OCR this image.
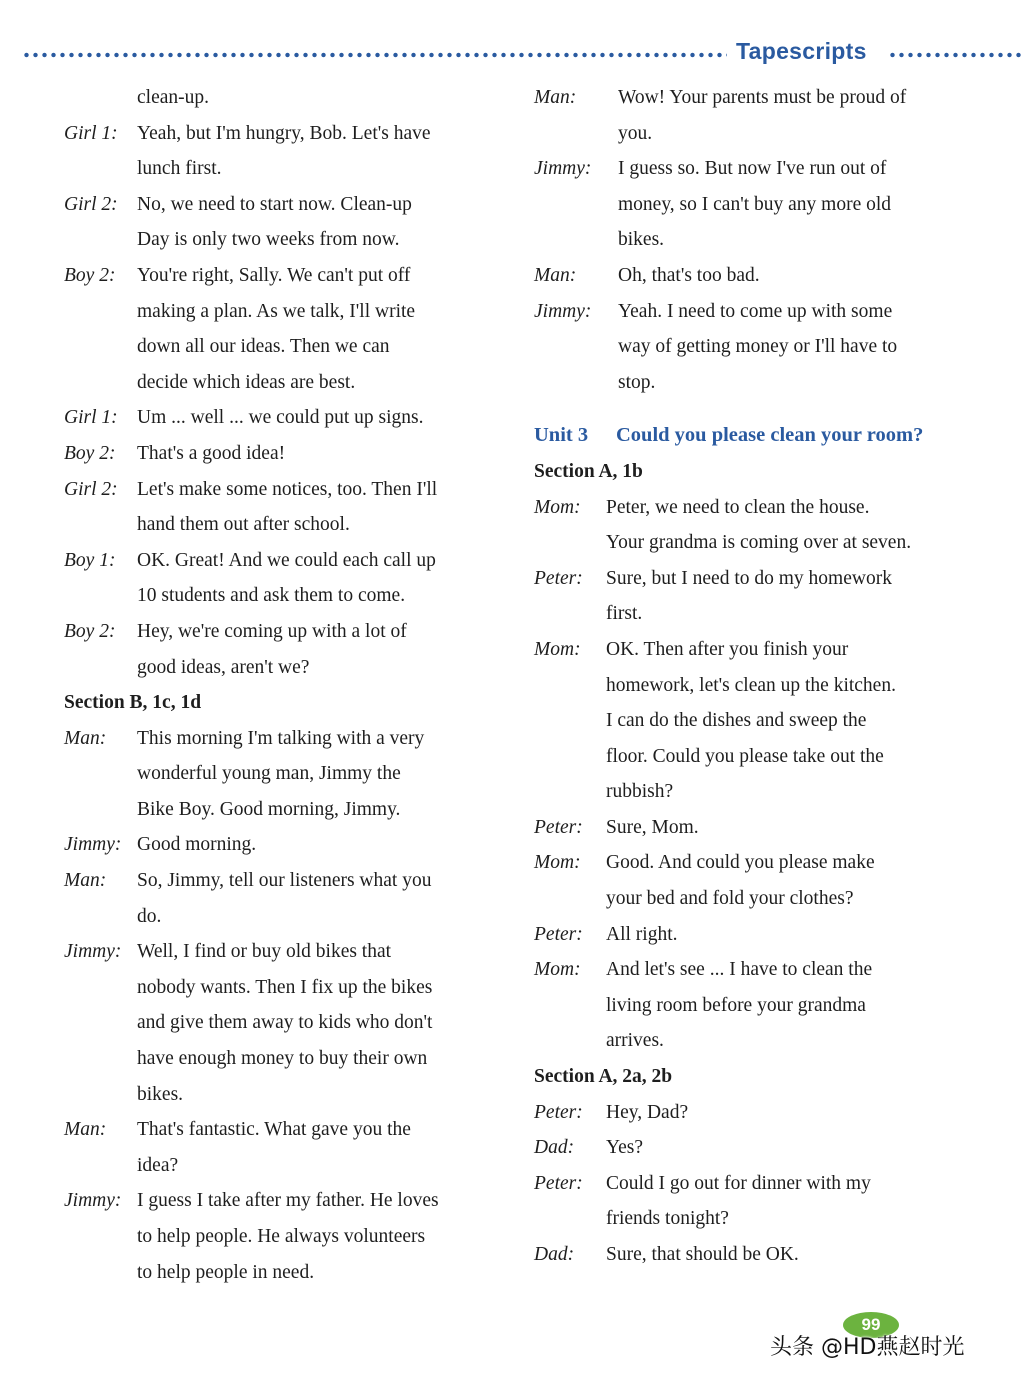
Tapescripts
clean-up.
Girl 1: Yeah, but I'm hungry, Bob. Let's have
lunch first.
Girl 2: No, we need to start now. Clean-up
Day is only two weeks from now.
Boy 2: You're right, Sally. We can't put off
making a plan. As we talk, I'll write
down all our ideas. Then we can
decide which ideas are best.
Girl 1: Um ... well ... we could put up signs.
Boy 2: That's a good idea!
Girl 2: Let's make some notices, too. Then I'll
hand them out after school.
Boy 1: OK. Great! And we could each call up
10 students and ask them to come.
Boy 2: Hey, we're coming up with a lot of
good ideas, aren't we?
Section B, 1c, 1d
Man: This morning I'm talking with a very
wonderful young man, Jimmy the
Bike Boy. Good morning, Jimmy.
Jimmy: Good morning.
Man: So, Jimmy, tell our listeners what you
do.
Jimmy: Well, I find or buy old bikes that
nobody wants. Then I fix up the bikes
and give them away to kids who don't
have enough money to buy their own
bikes.
Man: That's fantastic. What gave you the
idea?
Jimmy: I guess I take after my father. He loves
to help people. He always volunteers
to help people in need.
Man: Wow! Your parents must be proud of
you.
Jimmy: I guess so. But now I've run out of
money, so I can't buy any more old
bikes.
Man: Oh, that's too bad.
Jimmy: Yeah. I need to come up with some
way of getting money or I'll have to
stop.
Unit 3 Could you please clean your room?
Section A, 1b
Mom: Peter, we need to clean the house.
Your grandma is coming over at seven.
Peter: Sure, but I need to do my homework
first.
Mom: OK. Then after you finish your
homework, let's clean up the kitchen.
I can do the dishes and sweep the
floor. Could you please take out the
rubbish?
Peter: Sure, Mom.
Mom: Good. And could you please make
your bed and fold your clothes?
Peter: All right.
Mom: And let's see ... I have to clean the
living room before your grandma
arrives.
Section A, 2a, 2b
Peter: Hey, Dad?
Dad: Yes?
Peter: Could I go out for dinner with my
friends tonight?
Dad: Sure, that should be OK.
99
头条 @HD燕赵时光
